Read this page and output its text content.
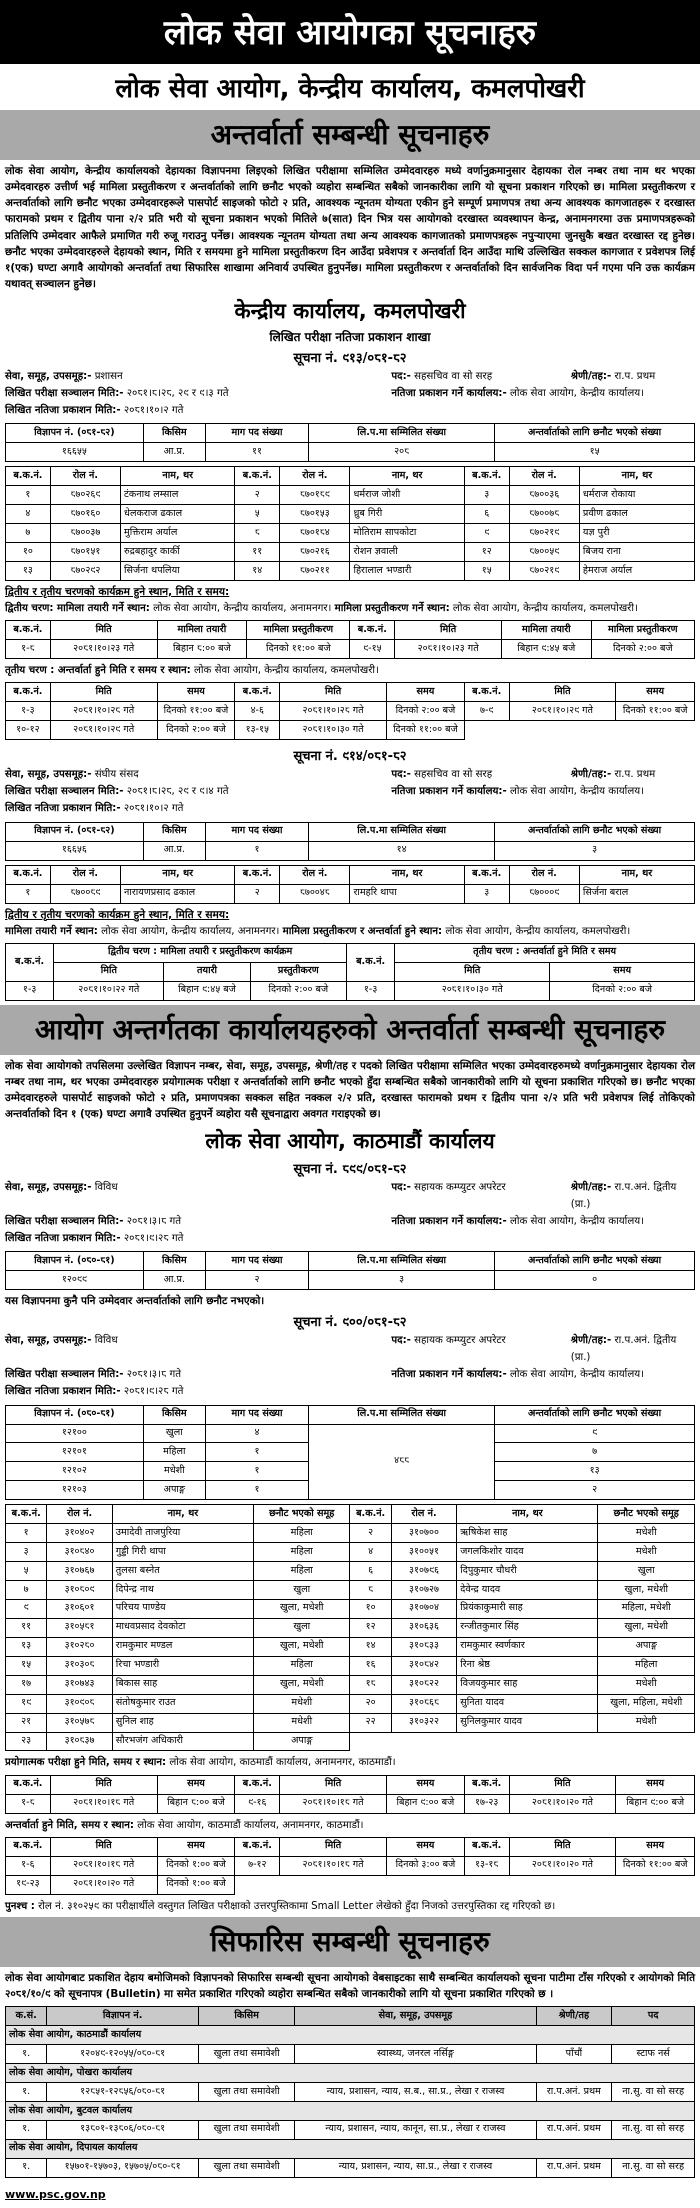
लोक सेवा आयोगका सूचनाहरु
लोक सेवा आयोग, केन्द्रीय कार्यालय, कमलपोखरी
अन्तर्वार्ता सम्बन्धी सूचनाहरु

लोक सेवा आयोग, केन्द्रीय कार्यालयको देहायका विज्ञापनमा लिइएको लिखित परीक्षामा सम्मिलित उम्मेदवारहरु मध्ये वर्णानुक्रमानुसार देहायका रोल नम्बर तथा नाम थर भएका उम्मेदवारहरु उत्तीर्ण भई मामिला प्रस्तुतीकरण र अन्तर्वार्ताको लागि छनौट भएको व्यहोरा सम्बन्धित सबैको जानकारीका लागि यो सूचना प्रकाशन गरिएको छ। मामिला प्रस्तुतीकरण र अन्तर्वार्ताको लागि छनौट भएका उम्मेदवारहरूले पासपोर्ट साइजको फोटो २ प्रति, आवश्यक न्यूनतम योग्यता एकीन हुने सम्पूर्ण प्रमाणपत्र तथा अन्य आवश्यक कागजातहरू र दरखास्त फारामको प्रथम र द्वितीय पाना २/२ प्रति भरी यो सूचना प्रकाशन भएको मितिले ७(सात) दिन भित्र यस आयोगको दरखास्त व्यवस्थापन केन्द्र, अनामनगरमा उक्त प्रमाणपत्रहरूको प्रतिलिपि उम्मेदवार आफैले प्रमाणित गरी रुजू गराउनु पर्नेछ। आवश्यक न्यूनतम योग्यता तथा अन्य आवश्यक कागजातको प्रमाणपत्रहरू नपुऱ्याएमा जुनसुकै बखत दरखास्त रद्द हुनेछ। छनौट भएका उम्मेदवारहरुले देहायको स्थान, मिति र समयमा हुने मामिला प्रस्तुतीकरण दिन आउँदा प्रवेशपत्र र अन्तर्वार्ता दिन आउँदा माथि उल्लिखित सक्कल कागजात र प्रवेशपत्र लिई १(एक) घण्टा अगावै आयोगको अन्तर्वार्ता तथा सिफारिस शाखामा अनिवार्य उपस्थित हुनुपर्नेछ। मामिला प्रस्तुतीकरण र अन्तर्वार्ताको दिन सार्वजनिक विदा पर्न गएमा पनि उक्त कार्यक्रम यथावत् सञ्चालन हुनेछ।

केन्द्रीय कार्यालय, कमलपोखरी
लिखित परीक्षा नतिजा प्रकाशन शाखा
सूचना नं. ९१३/०८१-८२
सेवा, समूह, उपसमूह:- प्रशासन	पद:- सहसचिव वा सो सरह	श्रेणी/तह:- रा.प. प्रथम
लिखित परीक्षा सञ्चालन मिति:- २०८१।८।२८, २९ र ९।३ गते	नतिजा प्रकाशन गर्ने कार्यालय:- लोक सेवा आयोग, केन्द्रीय कार्यालय।
लिखित नतिजा प्रकाशन मिति:- २०८१।१०।२ गते
विज्ञापन नं. (०८१-८२)	किसिम	माग पद संख्या	लि.प.मा सम्मिलित संख्या	अन्तर्वार्ताको लागि छनौट भएको संख्या
१६६५५	आ.प्र.	११	२०८	१५
ब.क.नं.	रोल नं.	नाम, थर	ब.क.नं.	रोल नं.	नाम, थर	ब.क.नं.	रोल नं.	नाम, थर
१	८७०२६९	टंकनाथ लम्साल	२	८७०१८९	धर्मराज जोशी	३	८७००३६	धर्मराज रोकाया
४	८७०१६०	धेलकराज ढकाल	५	८७०१५३	ध्रुब गिरी	६	८७००७८	प्रवीण ढकाल
७	८७००३७	मुक्तिराम अर्याल	८	८७०१८४	मोतिराम सापकोटा	९	८७०२१९	यज्ञ पुरी
१०	८७०१५१	रुद्रबहादुर कार्की	११	८७०२१६	रोशन ज्ञवाली	१२	८७००५९	बिजय राना
१३	८७०२९२	सिर्जना थपलिया	१४	८७०२११	हिरालाल भण्डारी	१५	८७०२१९	हेमराज अर्याल
द्वितीय र तृतीय चरणको कार्यक्रम हुने स्थान, मिति र समय:

द्वितीय चरण: मामिला तयारी गर्ने स्थान: लोक सेवा आयोग, केन्द्रीय कार्यालय, अनामनगर। मामिला प्रस्तुतीकरण गर्ने स्थान: लोक सेवा आयोग, केन्द्रीय कार्यालय, कमलपोखरी।

ब.क.नं.	मिति	मामिला तयारी	मामिला प्रस्तुतीकरण	ब.क.नं.	मिति	मामिला तयारी	मामिला प्रस्तुतीकरण
१-८	२०८१।१०।२३ गते	बिहान ८:०० बजे	दिनको ११:०० बजे	९-१५	२०८१।१०।२३ गते	बिहान ९:४५ बजे	दिनको २:०० बजे

तृतीय चरण : अन्तर्वार्ता हुने मिति र समय र स्थान: लोक सेवा आयोग, केन्द्रीय कार्यालय, कमलपोखरी।

ब.क.नं.	मिति	समय	ब.क.नं.	मिति	समय	ब.क.नं.	मिति	समय
१-३	२०८१।१०।२८ गते	दिनको ११:०० बजे	४-६	२०८१।१०।२८ गते	दिनको २:०० बजे	७-९	२०८१।१०।२९ गते	दिनको ११:०० बजे
१०-१२	२०८१।१०।२९ गते	दिनको २:०० बजे	१३-१५	२०८१।१०।३० गते	दिनको ११:०० बजे			
सूचना नं. ९१४/०८१-८२
सेवा, समूह, उपसमूह:- संघीय संसद	पद:- सहसचिव वा सो सरह	श्रेणी/तह:- रा.प. प्रथम
लिखित परीक्षा सञ्चालन मिति:- २०८१।८।२८, २९ र ९।४ गते	नतिजा प्रकाशन गर्ने कार्यालय:- लोक सेवा आयोग, केन्द्रीय कार्यालय।
लिखित नतिजा प्रकाशन मिति:- २०८१।१०।२ गते
विज्ञापन नं. (०८१-८२)	किसिम	माग पद संख्या	लि.प.मा सम्मिलित संख्या	अन्तर्वार्ताको लागि छनौट भएको संख्या
१६६५६	आ.प्र.	१	१४	३
ब.क.नं.	रोल नं.	नाम, थर	ब.क.नं.	रोल नं.	नाम, थर	ब.क.नं.	रोल नं.	नाम, थर
१	८७००८९	नारायणप्रसाद ढकाल	२	८७००४८	रामहरि थापा	३	८७०००९	सिर्जना बराल
द्वितीय र तृतीय चरणको कार्यक्रम हुने स्थान, मिति र समय:

मामिला तयारी गर्ने स्थान: लोक सेवा आयोग, केन्द्रीय कार्यालय, अनामनगर। मामिला प्रस्तुतीकरण र अन्तर्वार्ता हुने स्थान: लोक सेवा आयोग, केन्द्रीय कार्यालय, कमलपोखरी।

ब.क.नं.	द्वितीय चरण : मामिला तयारी र प्रस्तुतीकरण कार्यक्रम			ब.क.नं.	तृतीय चरण : अन्तर्वार्ता हुने मिति र समय	
	मिति	तयारी	प्रस्तुतीकरण		मिति	समय
१-३	२०८१।१०।२२ गते	बिहान ९:४५ बजे	दिनको २:०० बजे	१-३	२०८१।१०।३० गते	दिनको २:०० बजे
आयोग अन्तर्गतका कार्यालयहरुको अन्तर्वार्ता सम्बन्धी सूचनाहरु

लोक सेवा आयोगको तपसिलमा उल्लेखित विज्ञापन नम्बर, सेवा, समूह, उपसमूह, श्रेणी/तह र पदको लिखित परीक्षामा सम्मिलित भएका उम्मेदवारहरुमध्ये वर्णानुक्रमानुसार देहायका रोल नम्बर तथा नाम, थर भएका उम्मेदवारहरु प्रयोगात्मक परीक्षा र अन्तर्वार्ताको लागि छनौट भएको हुँदा सम्बन्धित सबैको जानकारीको लागि यो सूचना प्रकाशित गरिएको छ। छनौट भएका उम्मेदवारहरुले पासपोर्ट साइजको फोटो २ प्रति, प्रमाणपत्रका सक्कल सहित नक्कल २/२ प्रति, दरखास्त फारामको प्रथम र द्वितीय पाना २/२ प्रति भरी प्रवेशपत्र लिई तोकिएको अन्तर्वार्ताको दिन १ (एक) घण्टा अगावै उपस्थित हुनुपर्ने व्यहोरा यसै सूचनाद्वारा अवगत गराइएको छ।

लोक सेवा आयोग, काठमाडौं कार्यालय
सूचना नं. ८९९/०८१-८२
सेवा, समूह, उपसमूह:- विविध	पद:- सहायक कम्प्युटर अपरेटर	श्रेणी/तह:- रा.प.अनं. द्वितीय (प्रा.)
लिखित परीक्षा सञ्चालन मिति:- २०८१।३।८ गते	नतिजा प्रकाशन गर्ने कार्यालय:- लोक सेवा आयोग, केन्द्रीय कार्यालय।
लिखित नतिजा प्रकाशन मिति:- २०८१।९।२८ गते
विज्ञापन नं. (०८०-८१)	किसिम	माग पद संख्या	लि.प.मा सम्मिलित संख्या	अन्तर्वार्ताको लागि छनौट भएको संख्या
१२०९९	आ.प्र.	२	३	०
यस विज्ञापनमा कुनै पनि उम्मेदवार अन्तर्वार्ताको लागि छनौट नभएको।
सूचना नं. ९००/०८१-८२
सेवा, समूह, उपसमूह:- विविध	पद:- सहायक कम्प्युटर अपरेटर	श्रेणी/तह:- रा.प.अनं. द्वितीय (प्रा.)
लिखित परीक्षा सञ्चालन मिति:- २०८१।३।८ गते	नतिजा प्रकाशन गर्ने कार्यालय:- लोक सेवा आयोग, केन्द्रीय कार्यालय।
लिखित नतिजा प्रकाशन मिति:- २०८१।९।२८ गते
विज्ञापन नं. (०८०-८१)	किसिम	माग पद संख्या	लि.प.मा सम्मिलित संख्या	अन्तर्वार्ताको लागि छनौट भएको संख्या
१२१००	खुला	४	४८८	९
१२१०१	महिला	१		७
१२१०२	मधेशी	१		१३
१२१०३	अपाङ्ग	१		२
ब.क.नं.	रोल नं.	नाम, थर	छनौट भएको समूह	ब.क.नं.	रोल नं.	नाम, थर	छनौट भएको समूह
१	३१०४०२	उमादेवी ताजपुरिया	महिला	२	३१०७००	ऋषिकेश साह	मधेशी
३	३१०८४०	गुड्डी गिरी थापा	महिला	४	३१००५१	जगलकिशोर यादव	मधेशी
५	३१०७६७	तुलसा बस्नेत	महिला	६	३१०७९६	दिपुकुमार चौधरी	खुला
७	३१०८०९	दिपेन्द्र नाथ	खुला	८	३१०७२७	देवेन्द्र यादव	खुला, मधेशी
९	३१०६०१	परिचय पाण्डेय	खुला, मधेशी	१०	३१०७०४	प्रियंकाकुमारी साह	महिला, मधेशी
११	३१०५८१	माधवप्रसाद देवकोटा	खुला	१२	३१०६३६	रन्जीतकुमार सिंह	खुला, मधेशी
१३	३१०२८०	रामकुमार मण्डल	खुला, मधेशी	१४	३१०८३३	रामकुमार स्वर्णकार	अपाङ्ग
१५	३१०३०८	रिचा भण्डारी	महिला	१६	३१०८४२	रिना श्रेष्ठ	महिला
१७	३१०७४३	बिकास साह	खुला, मधेशी	१८	३१०८२२	विजयकुमार साह	मधेशी
१९	३१०९०८	संतोषकुमार राउत	मधेशी	२०	३१०८६८	सुनिता यादव	खुला, महिला, मधेशी
२१	३१०५७८	सुनिल शाह	मधेशी	२२	३१०३२२	सुनिलकुमार यादव	मधेशी
२३	३१०८३७	सौरभजंग अधिकारी	अपाङ्ग				

प्रयोगात्मक परीक्षा हुने मिति, समय र स्थान: लोक सेवा आयोग, काठमाडौं कार्यालय, अनामनगर, काठमाडौं।

ब.क.नं.	मिति	समय	ब.क.नं.	मिति	समय	ब.क.नं.	मिति	समय
१-८	२०८१।१०।१८ गते	बिहान ८:०० बजे	९-१६	२०८१।१०।१८ गते	बिहान ९:०० बजे	१७-२३	२०८१।१०।२० गते	बिहान ९:०० बजे

अन्तर्वार्ता हुने मिति, समय र स्थान: लोक सेवा आयोग, काठमाडौं कार्यालय, अनामनगर, काठमाडौं।

ब.क.नं.	मिति	समय	ब.क.नं.	मिति	समय	ब.क.नं.	मिति	समय
१-६	२०८१।१०।१८ गते	दिनको १:०० बजे	७-१२	२०८१।१०।१८ गते	दिनको ३:०० बजे	१३-१८	२०८१।१०।२० गते	दिनको ११:०० बजे
१९-२३	२०८१।१०।२० गते	दिनको १:०० बजे						

पुनश्च : रोल नं. ३१०२५९ का परीक्षार्थीले वस्तुगत लिखित परीक्षाको उत्तरपुस्तिकामा Small Letter लेखेको हुँदा निजको उत्तरपुस्तिका रद्द गरिएको छ।

सिफारिस सम्बन्धी सूचनाहरु

लोक सेवा आयोगबाट प्रकाशित देहाय बमोजिमको विज्ञापनको सिफारिस सम्बन्धी सूचना आयोगको वेबसाइटका साथै सम्बन्धित कार्यालयको सूचना पाटीमा टाँस गरिएको र आयोगको मिति २०८१/१०/९ को सूचनापत्र (Bulletin) मा समेत प्रकाशित गरिएको व्यहोरा सम्बन्धित सबैको जानकारीको लागि यो सूचना प्रकाशित गरिएको छ ।

क.सं.	विज्ञापन नं.	किसिम	सेवा, समूह, उपसमूह	श्रेणी/तह	पद
लोक सेवा आयोग, काठमाडौं कार्यालय					
१.	१२०४९-१२०५५/०८०-८१	खुला तथा समावेशी	स्वास्थ्य, जनरल नर्सिङ्ग	पाँचौं	स्टाफ नर्स
लोक सेवा आयोग, पोखरा कार्यालय					
१.	१२८५१-१२८५६/०८०-८१	खुला तथा समावेशी	न्याय, प्रशासन, न्याय, स.ब., सा.प्र., लेखा र राजस्व	रा.प.अनं. प्रथम	ना.सु. वा सो सरह
लोक सेवा आयोग, बुटवल कार्यालय					
१.	१३८०१-१३८०६/०८०-८१	खुला तथा समावेशी	न्याय, प्रशासन, न्याय, कानून, सा.प्र., लेखा र राजस्व	रा.प.अनं. प्रथम	ना.सु. वा सो सरह
लोक सेवा आयोग, दिपायल कार्यालय					
१.	१५७०१-१५७०३, १५७०५/०८०-८१	खुला तथा समावेशी	न्याय, प्रशासन, न्याय, सा.प्र., लेखा र राजस्व	रा.प.अनं. प्रथम	ना.सु. वा सो सरह
www.psc.gov.np
